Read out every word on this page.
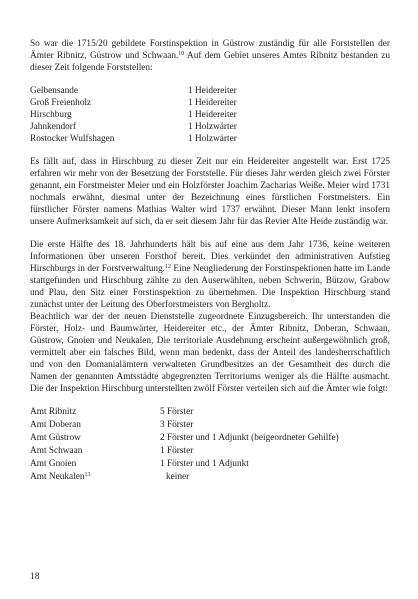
So war die 1715/20 gebildete Forstinspektion in Güstrow zuständig für alle Forststellen der Ämter Ribnitz, Güstrow und Schwaan.$^{10}$ Auf dem Gebiet unseres Amtes Ribnitz bestanden zu dieser Zeit folgende Forststellen:

Gelbensande	1 Heidereiter
Groß Freienholz	1 Heidereiter
Hirschburg	1 Heidereiter
Jahnkendorf	1 Holzwärter
Rostocker Wulfshagen	1 Holzwärter

Es fällt auf, dass in Hirschburg zu dieser Zeit nur ein Heidereiter angestellt war. Erst 1725 erfahren wir mehr von der Besetzung der Forststelle. Für dieses Jahr werden gleich zwei Förster genannt, ein Forstmeister Meier und ein Holzförster Joachim Zacharias Weiße. Meier wird 1731 nochmals erwähnt, diesmal unter der Bezeichnung eines fürstlichen Forstmeisters. Ein fürstlicher Förster namens Mathias Walter wird 1737 erwähnt. Dieser Mann lenkt insofern unsere Aufmerksamkeit auf sich, da er seit diesem Jahr für das Revier Alte Heide zuständig war.

Die erste Hälfte des 18. Jahrhunderts hält bis auf eine aus dem Jahr 1736, keine weiteren Informationen über unseren Forsthof bereit. Dies verkündet den administrativen Aufstieg Hirschburgs in der Forstverwaltung.$^{12}$ Eine Neugliederung der Forstinspektionen hatte im Lande stattgefunden und Hirschburg zählte zu den Auserwählten, neben Schwerin, Bützow, Grabow und Plau, den Sitz einer Forstinspektion zu übernehmen. Die Inspektion Hirschburg stand zunächst unter der Leitung des Oberforstmeisters von Bergholtz.

Beachtlich war der der neuen Dienststelle zugeordnete Einzugsbereich. Ihr unterstanden die Förster, Holz- und Baumwärter, Heidereiter etc., der Ämter Ribnitz, Doberan, Schwaan, Güstrow, Gnoien und Neukalen, Die territoriale Ausdehnung erscheint außergewöhnlich groß, vermittelt aber ein falsches Bild, wenn man bedenkt, dass der Anteil des landesherrschaftlich und von den Domanialämtern verwalteten Grundbesitzes an der Gesamtheit des durch die Namen der genannten Amtsstädte abgegrenzten Territoriums weniger als die Hälfte ausmacht. Die der Inspektion Hirschburg unterstellten zwölf Förster verteilen sich auf die Ämter wie folgt:

Amt Ribnitz	5 Förster
Amt Doberan	3 Förster
Amt Güstrow	2 Förster und 1 Adjunkt (beigeordneter Gehilfe)
Amt Schwaan	1 Förster
Amt Gnoien	1 Förster und 1 Adjunkt
Amt Neukalen$^{13}$	keiner
18
